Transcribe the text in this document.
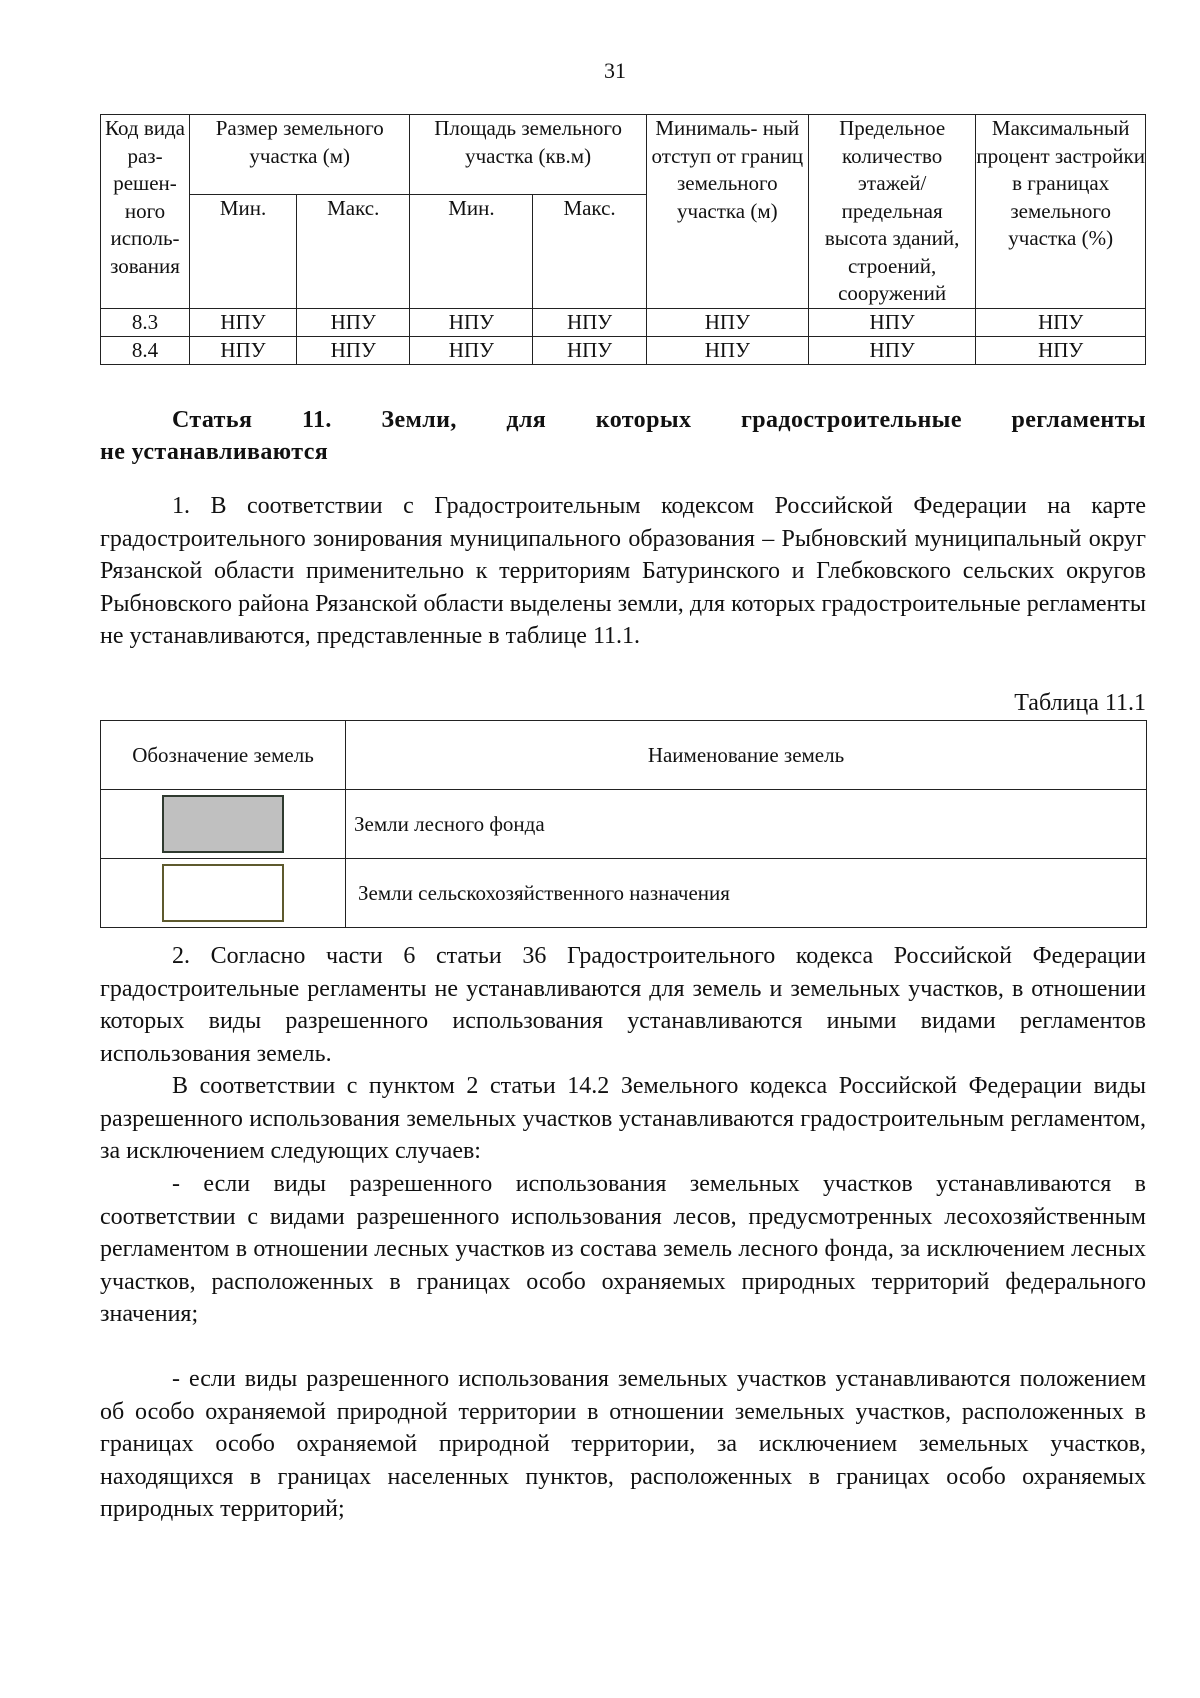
31
Код вида раз- решен- ного исполь- зования	Размер земельного участка (м)		Площадь земельного участка (кв.м)		Минималь- ный отступ от границ земельного участка (м)	Предельное количество этажей/ предельная высота зданий, строений, сооружений	Максимальный процент застройки в границах земельного участка (%)
	Мин.	Макс.	Мин.	Макс.			
8.3	НПУ	НПУ	НПУ	НПУ	НПУ	НПУ	НПУ
8.4	НПУ	НПУ	НПУ	НПУ	НПУ	НПУ	НПУ
Статья 11. Земли, для которых градостроительные регламенты
не устанавливаются

1. В соответствии с Градостроительным кодексом Российской Федерации на карте градостроительного зонирования муниципального образования – Рыбновский муниципальный округ Рязанской области применительно к территориям Батуринского и Глебковского сельских округов Рыбновского района Рязанской области выделены земли, для которых градостроительные регламенты не устанавливаются, представленные в таблице 11.1.

Таблица 11.1
Обозначение земель	Наименование земель

	Земли лесного фонда

	Земли сельскохозяйственного назначения

2. Согласно части 6 статьи 36 Градостроительного кодекса Российской Федерации градостроительные регламенты не устанавливаются для земель и земельных участков, в отношении которых виды разрешенного использования устанавливаются иными видами регламентов использования земель.

В соответствии с пунктом 2 статьи 14.2 Земельного кодекса Российской Федерации виды разрешенного использования земельных участков устанавливаются градостроительным регламентом, за исключением следующих случаев:

- если виды разрешенного использования земельных участков устанавливаются в соответствии с видами разрешенного использования лесов, предусмотренных лесохозяйственным регламентом в отношении лесных участков из состава земель лесного фонда, за исключением лесных участков, расположенных в границах особо охраняемых природных территорий федерального значения;

- если виды разрешенного использования земельных участков устанавливаются положением об особо охраняемой природной территории в отношении земельных участков, расположенных в границах особо охраняемой природной территории, за исключением земельных участков, находящихся в границах населенных пунктов, расположенных в границах особо охраняемых природных территорий;
